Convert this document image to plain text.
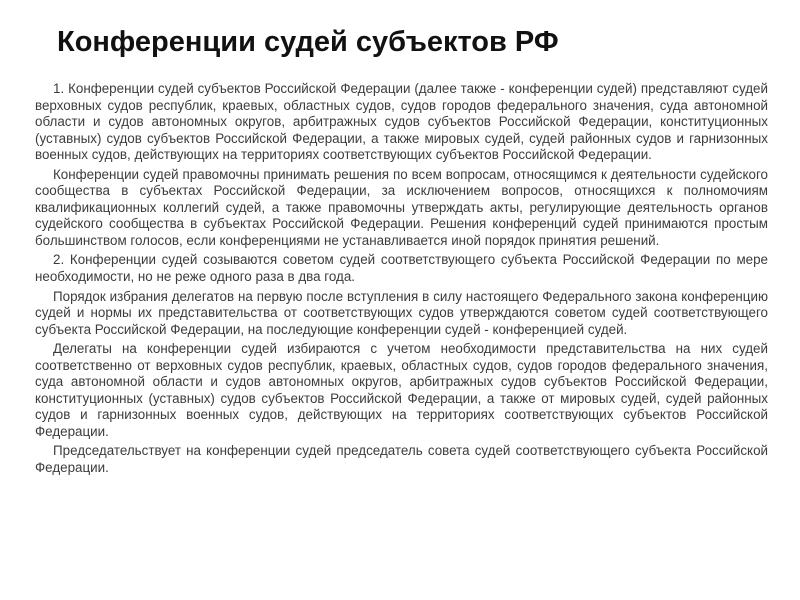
Конференции судей субъектов РФ

1. Конференции судей субъектов Российской Федерации (далее также - конференции судей) представляют судей верховных судов республик, краевых, областных судов, судов городов федерального значения, суда автономной области и судов автономных округов, арбитражных судов субъектов Российской Федерации, конституционных (уставных) судов субъектов Российской Федерации, а также мировых судей, судей районных судов и гарнизонных военных судов, действующих на территориях соответствующих субъектов Российской Федерации.

Конференции судей правомочны принимать решения по всем вопросам, относящимся к деятельности судейского сообщества в субъектах Российской Федерации, за исключением вопросов, относящихся к полномочиям квалификационных коллегий судей, а также правомочны утверждать акты, регулирующие деятельность органов судейского сообщества в субъектах Российской Федерации. Решения конференций судей принимаются простым большинством голосов, если конференциями не устанавливается иной порядок принятия решений.

2. Конференции судей созываются советом судей соответствующего субъекта Российской Федерации по мере необходимости, но не реже одного раза в два года.

Порядок избрания делегатов на первую после вступления в силу настоящего Федерального закона конференцию судей и нормы их представительства от соответствующих судов утверждаются советом судей соответствующего субъекта Российской Федерации, на последующие конференции судей - конференцией судей.

Делегаты на конференции судей избираются с учетом необходимости представительства на них судей соответственно от верховных судов республик, краевых, областных судов, судов городов федерального значения, суда автономной области и судов автономных округов, арбитражных судов субъектов Российской Федерации, конституционных (уставных) судов субъектов Российской Федерации, а также от мировых судей, судей районных судов и гарнизонных военных судов, действующих на территориях соответствующих субъектов Российской Федерации.

Председательствует на конференции судей председатель совета судей соответствующего субъекта Российской Федерации.
